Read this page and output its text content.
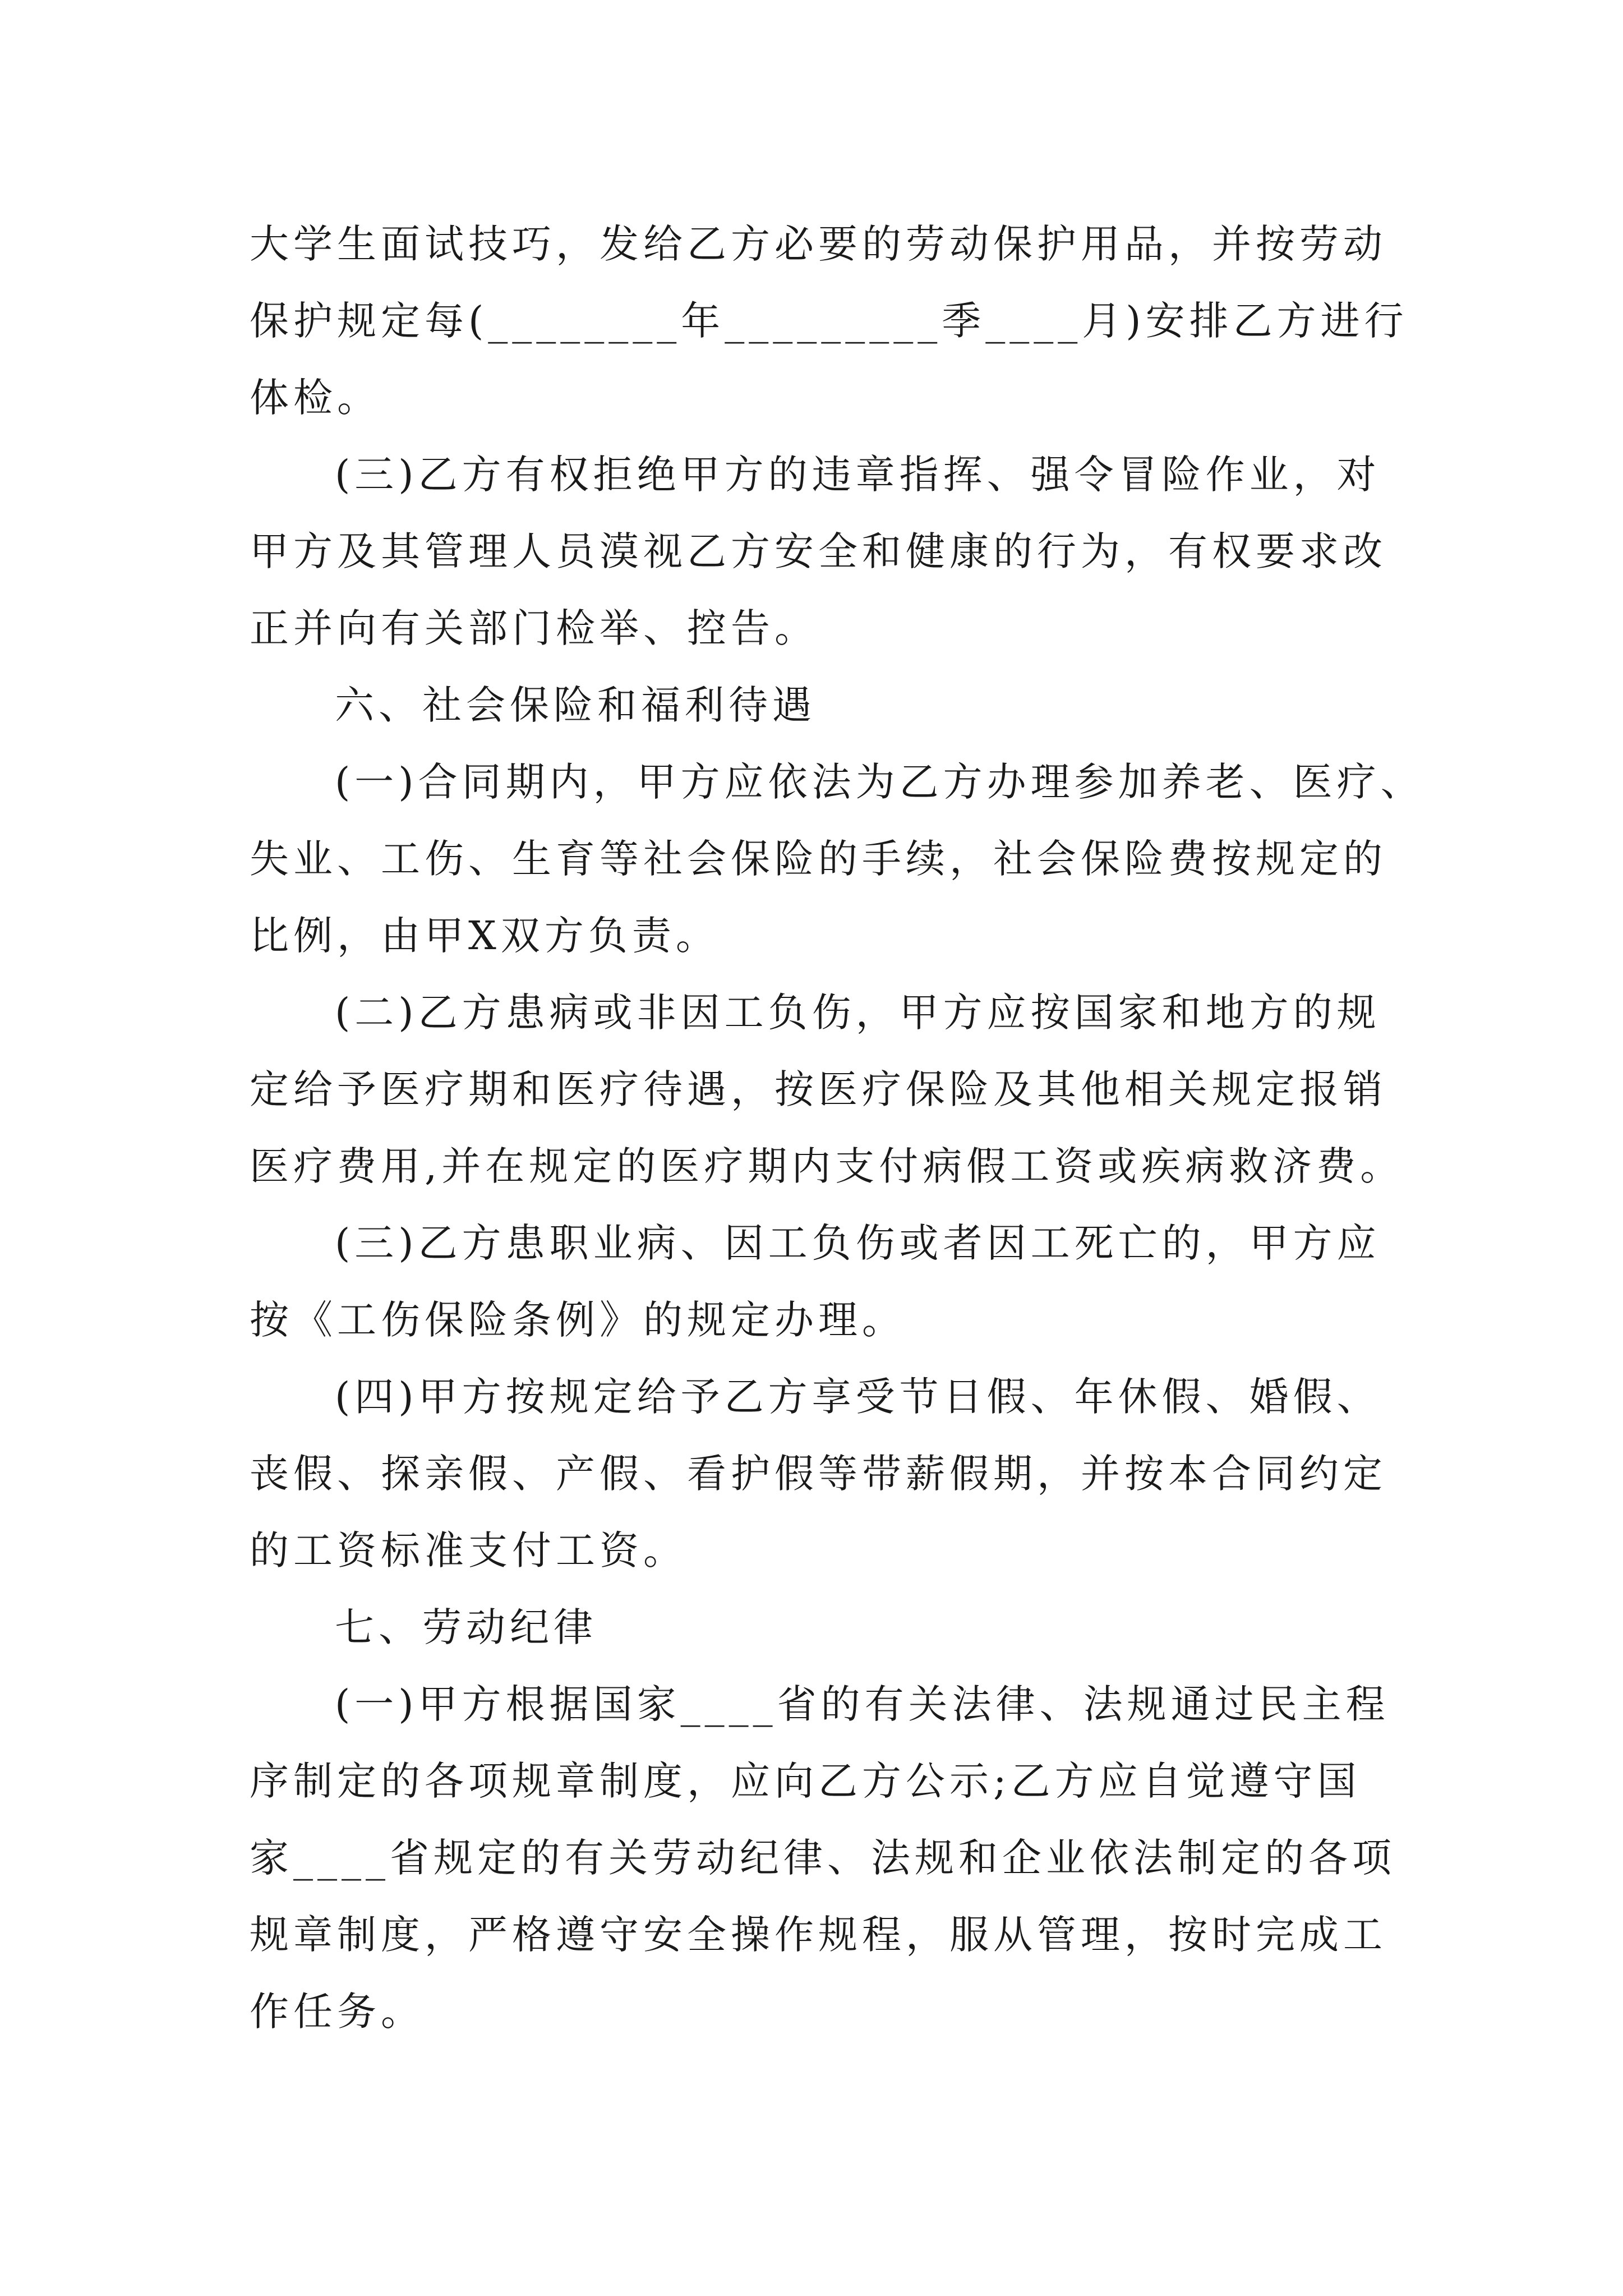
大学生面试技巧，发给乙方必要的劳动保护用品，并按劳动

保护规定每(________年_________季____月)安排乙方进行

体检。

(三)乙方有权拒绝甲方的违章指挥、强令冒险作业，对

甲方及其管理人员漠视乙方安全和健康的行为，有权要求改

正并向有关部门检举、控告。

六、社会保险和福利待遇

(一)合同期内，甲方应依法为乙方办理参加养老、医疗、

失业、工伤、生育等社会保险的手续，社会保险费按规定的

比例，由甲X双方负责。

(二)乙方患病或非因工负伤，甲方应按国家和地方的规

定给予医疗期和医疗待遇，按医疗保险及其他相关规定报销

医疗费用,并在规定的医疗期内支付病假工资或疾病救济费。

(三)乙方患职业病、因工负伤或者因工死亡的，甲方应

按《工伤保险条例》的规定办理。

(四)甲方按规定给予乙方享受节日假、年休假、婚假、

丧假、探亲假、产假、看护假等带薪假期，并按本合同约定

的工资标准支付工资。

七、劳动纪律

(一)甲方根据国家____省的有关法律、法规通过民主程

序制定的各项规章制度，应向乙方公示;乙方应自觉遵守国

家____省规定的有关劳动纪律、法规和企业依法制定的各项

规章制度，严格遵守安全操作规程，服从管理，按时完成工

作任务。
